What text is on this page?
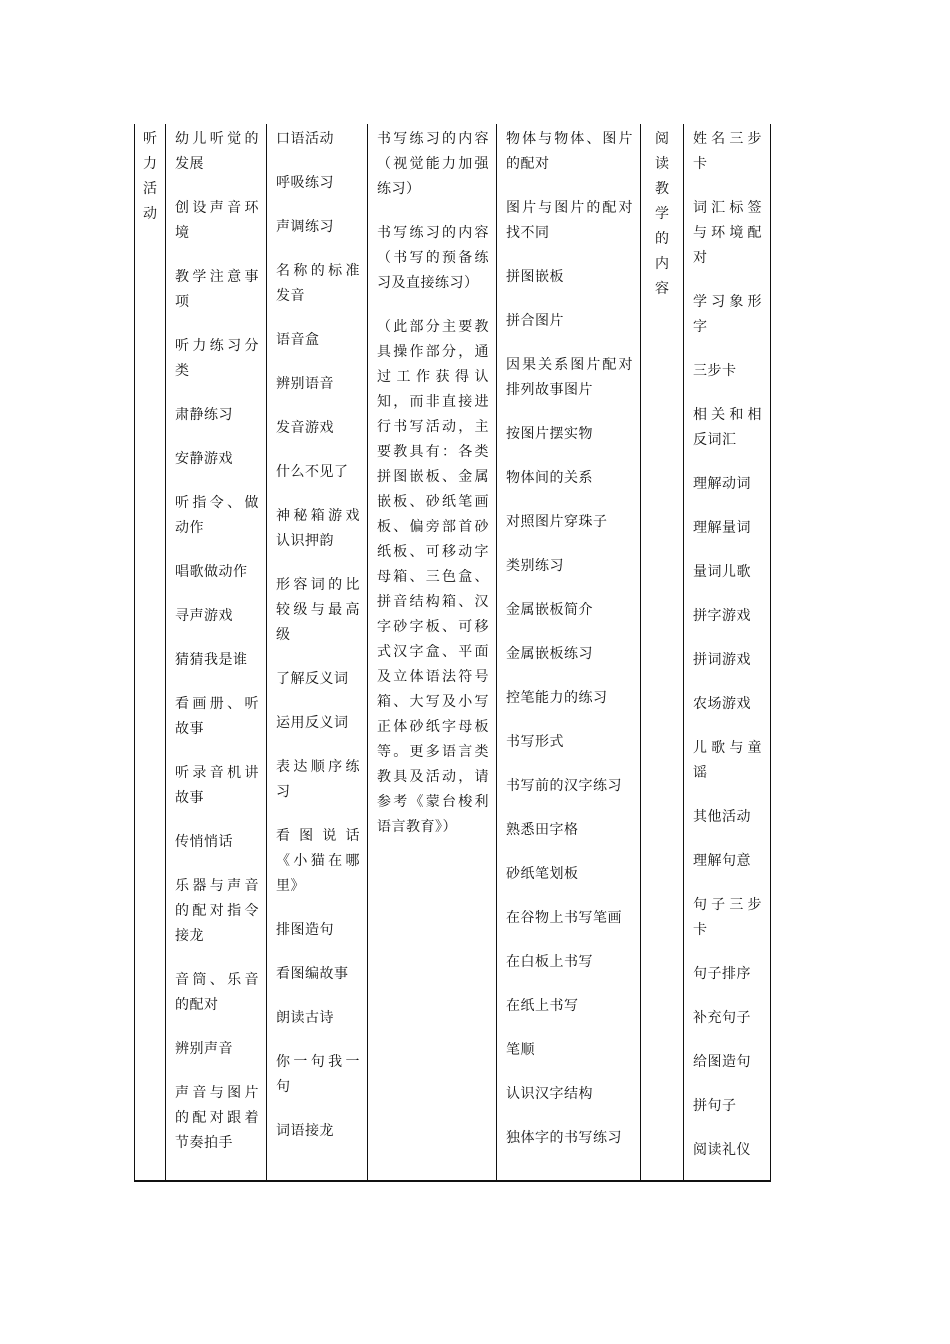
听
力
活
动
幼儿听觉的发展
创设声音环境
教学注意事项
听力练习分类
肃静练习
安静游戏
听指令、做动作
唱歌做动作
寻声游戏
猜猜我是谁
看画册、听故事
听录音机讲故事
传悄悄话
乐器与声音的配对指令接龙
音筒、乐音的配对
辨别声音
声音与图片的配对跟着节奏拍手
口语活动
呼吸练习
声调练习
名称的标准发音
语音盒
辨别语音
发音游戏
什么不见了
神秘箱游戏认识押韵
形容词的比较级与最高级
了解反义词
运用反义词
表达顺序练习
看图说话《小猫在哪里》
排图造句
看图编故事
朗读古诗
你一句我一句
词语接龙
书写练习的内容（视觉能力加强练习）
书写练习的内容（书写的预备练习及直接练习）
（此部分主要教具操作部分，通过工作获得认知，而非直接进行书写活动，主要教具有：各类拼图嵌板、金属嵌板、砂纸笔画板、偏旁部首砂纸板、可移动字母箱、三色盒、拼音结构箱、汉字砂字板、可移式汉字盒、平面及立体语法符号箱、大写及小写正体砂纸字母板等。更多语言类教具及活动，请参考《蒙台梭利语言教育》）
物体与物体、图片的配对
图片与图片的配对找不同
拼图嵌板
拼合图片
因果关系图片配对排列故事图片
按图片摆实物
物体间的关系
对照图片穿珠子
类别练习
金属嵌板简介
金属嵌板练习
控笔能力的练习
书写形式
书写前的汉字练习
熟悉田字格
砂纸笔划板
在谷物上书写笔画
在白板上书写
在纸上书写
笔顺
认识汉字结构
独体字的书写练习
阅
读
教
学
的
内
容
姓名三步卡
词汇标签与环境配对
学习象形字
三步卡
相关和相反词汇
理解动词
理解量词
量词儿歌
拼字游戏
拼词游戏
农场游戏
儿歌与童谣
其他活动
理解句意
句子三步卡
句子排序
补充句子
给图造句
拼句子
阅读礼仪
